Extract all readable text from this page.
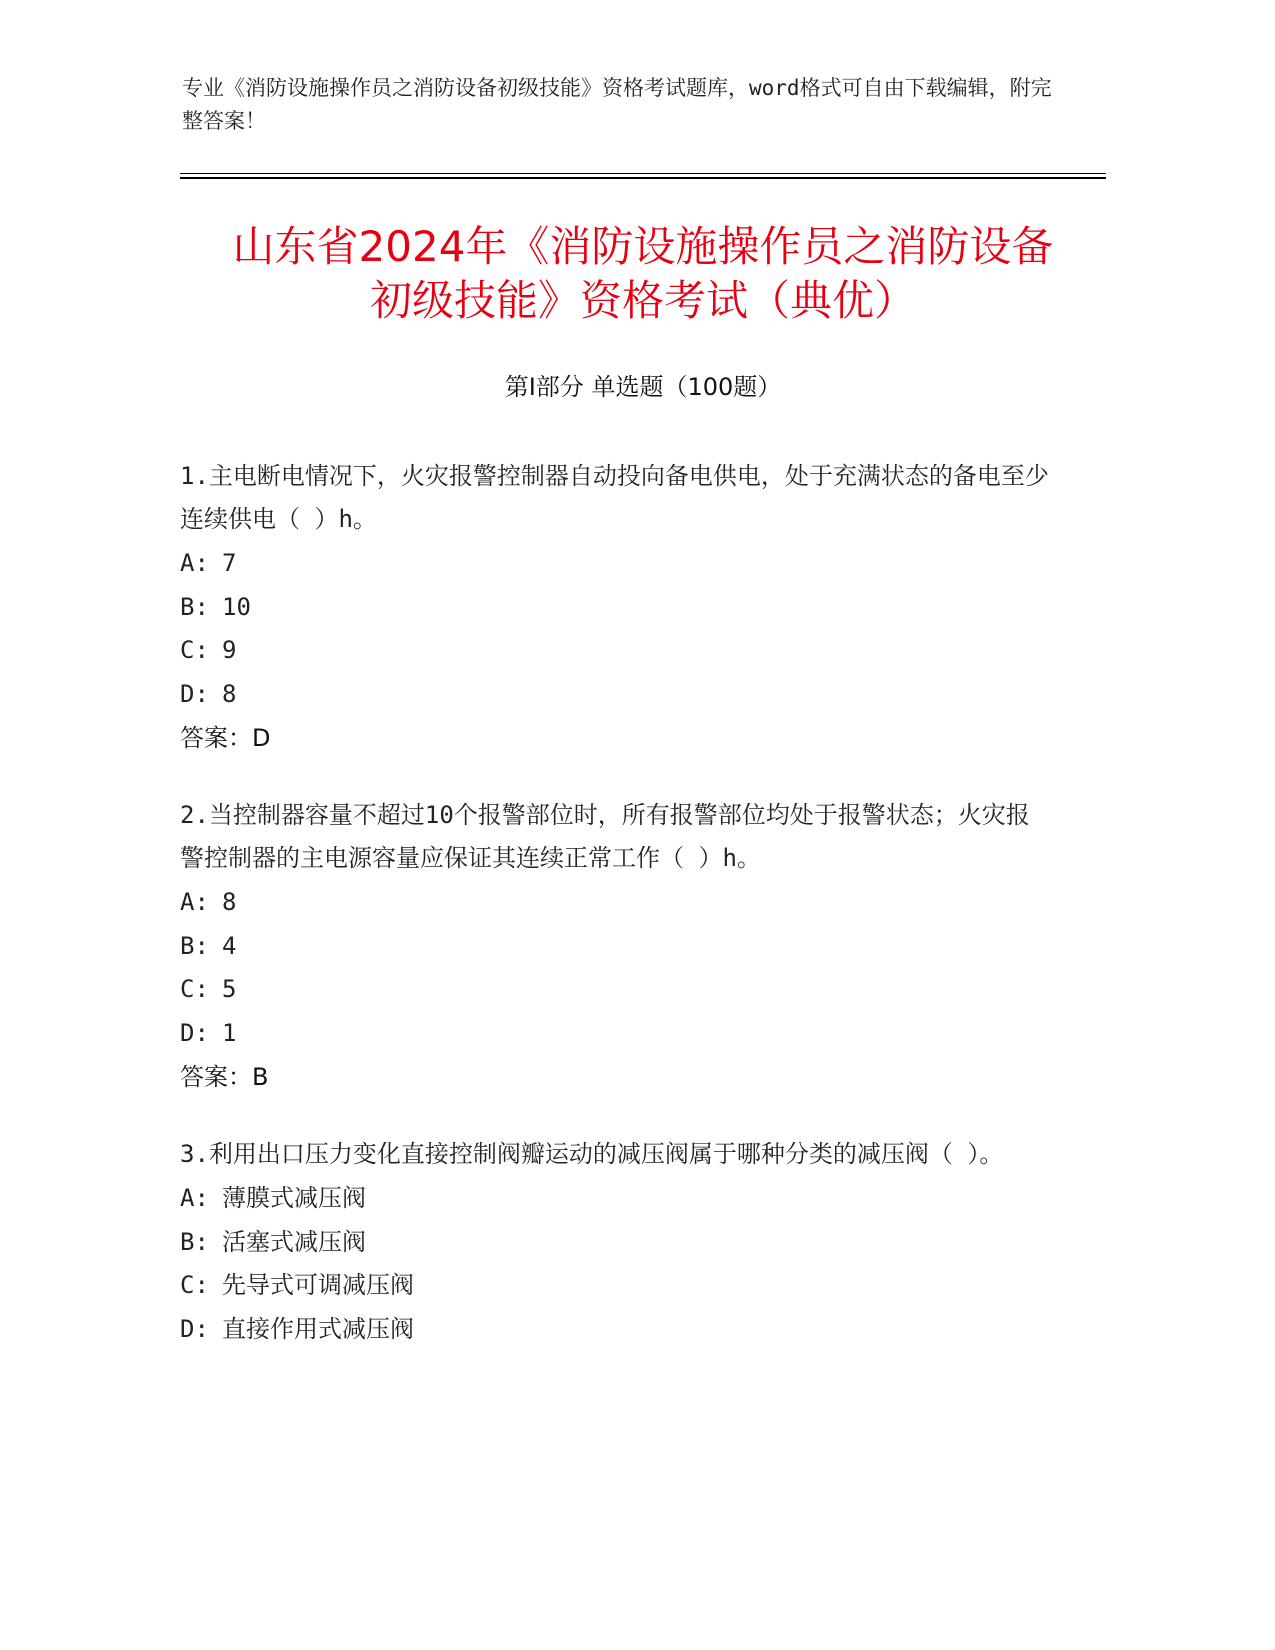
专业《消防设施操作员之消防设备初级技能》资格考试题库，word格式可自由下载编辑，附完整答案！
山东省2024年《消防设施操作员之消防设备
初级技能》资格考试（典优）
第Ⅰ部分 单选题（100题）
1.主电断电情况下，火灾报警控制器自动投向备电供电，处于充满状态的备电至少连续供电（ ）h。
A: 7
B: 10
C: 9
D: 8
答案：D
2.当控制器容量不超过10个报警部位时，所有报警部位均处于报警状态；火灾报警控制器的主电源容量应保证其连续正常工作（ ）h。
A: 8
B: 4
C: 5
D: 1
答案：B
3.利用出口压力变化直接控制阀瓣运动的减压阀属于哪种分类的减压阀（ ）。
A: 薄膜式减压阀
B: 活塞式减压阀
C: 先导式可调减压阀
D: 直接作用式减压阀
